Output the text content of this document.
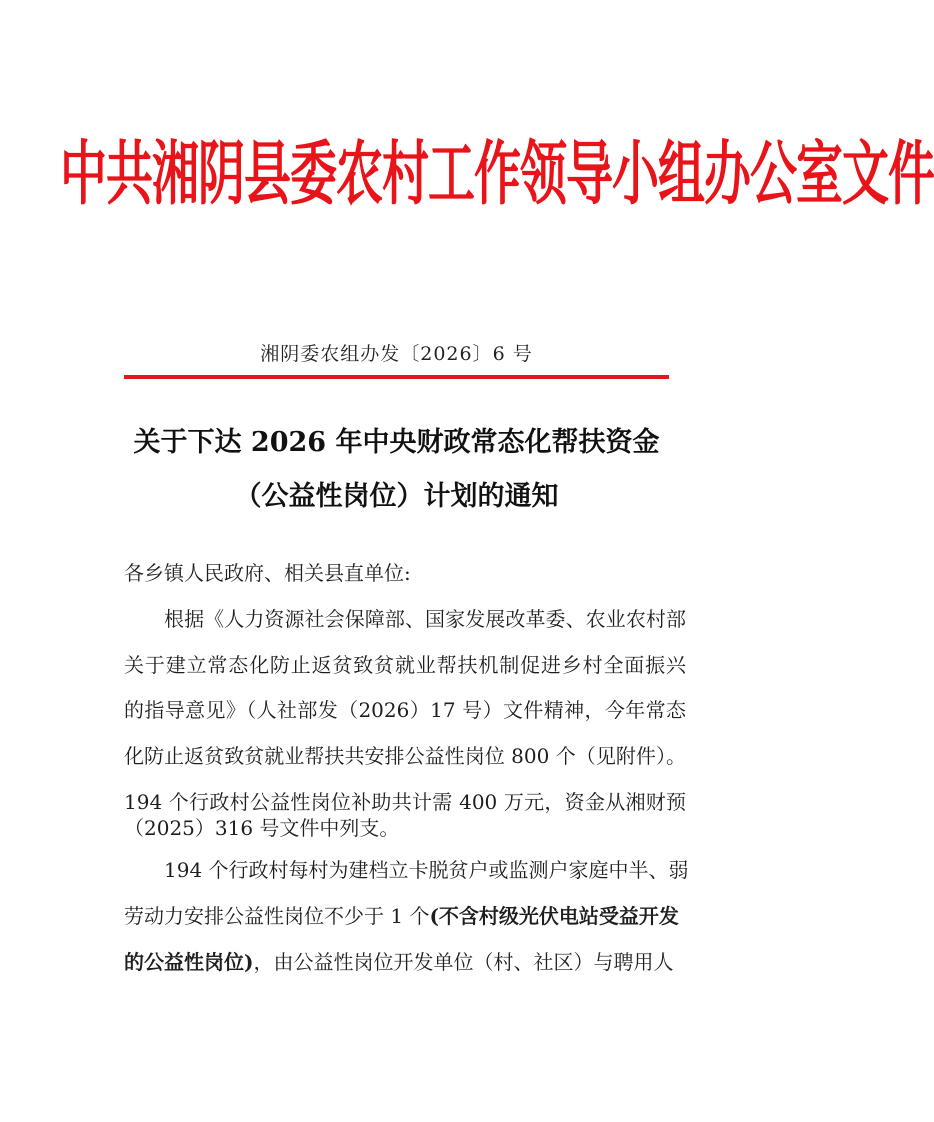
中共湘阴县委农村工作领导小组办公室文件
湘阴委农组办发〔2026〕6 号
关于下达 2026 年中央财政常态化帮扶资金
（公益性岗位）计划的通知
各乡镇人民政府、相关县直单位:
根据《人力资源社会保障部、国家发展改革委、农业农村部
关于建立常态化防止返贫致贫就业帮扶机制促进乡村全面振兴
的指导意见》（人社部发（2026）17 号）文件精神，今年常态
化防止返贫致贫就业帮扶共安排公益性岗位 800 个（见附件）。
194 个行政村公益性岗位补助共计需 400 万元，资金从湘财预
（2025）316 号文件中列支。
194 个行政村每村为建档立卡脱贫户或监测户家庭中半、弱
劳动力安排公益性岗位不少于 1 个(不含村级光伏电站受益开发
的公益性岗位)，由公益性岗位开发单位（村、社区）与聘用人
